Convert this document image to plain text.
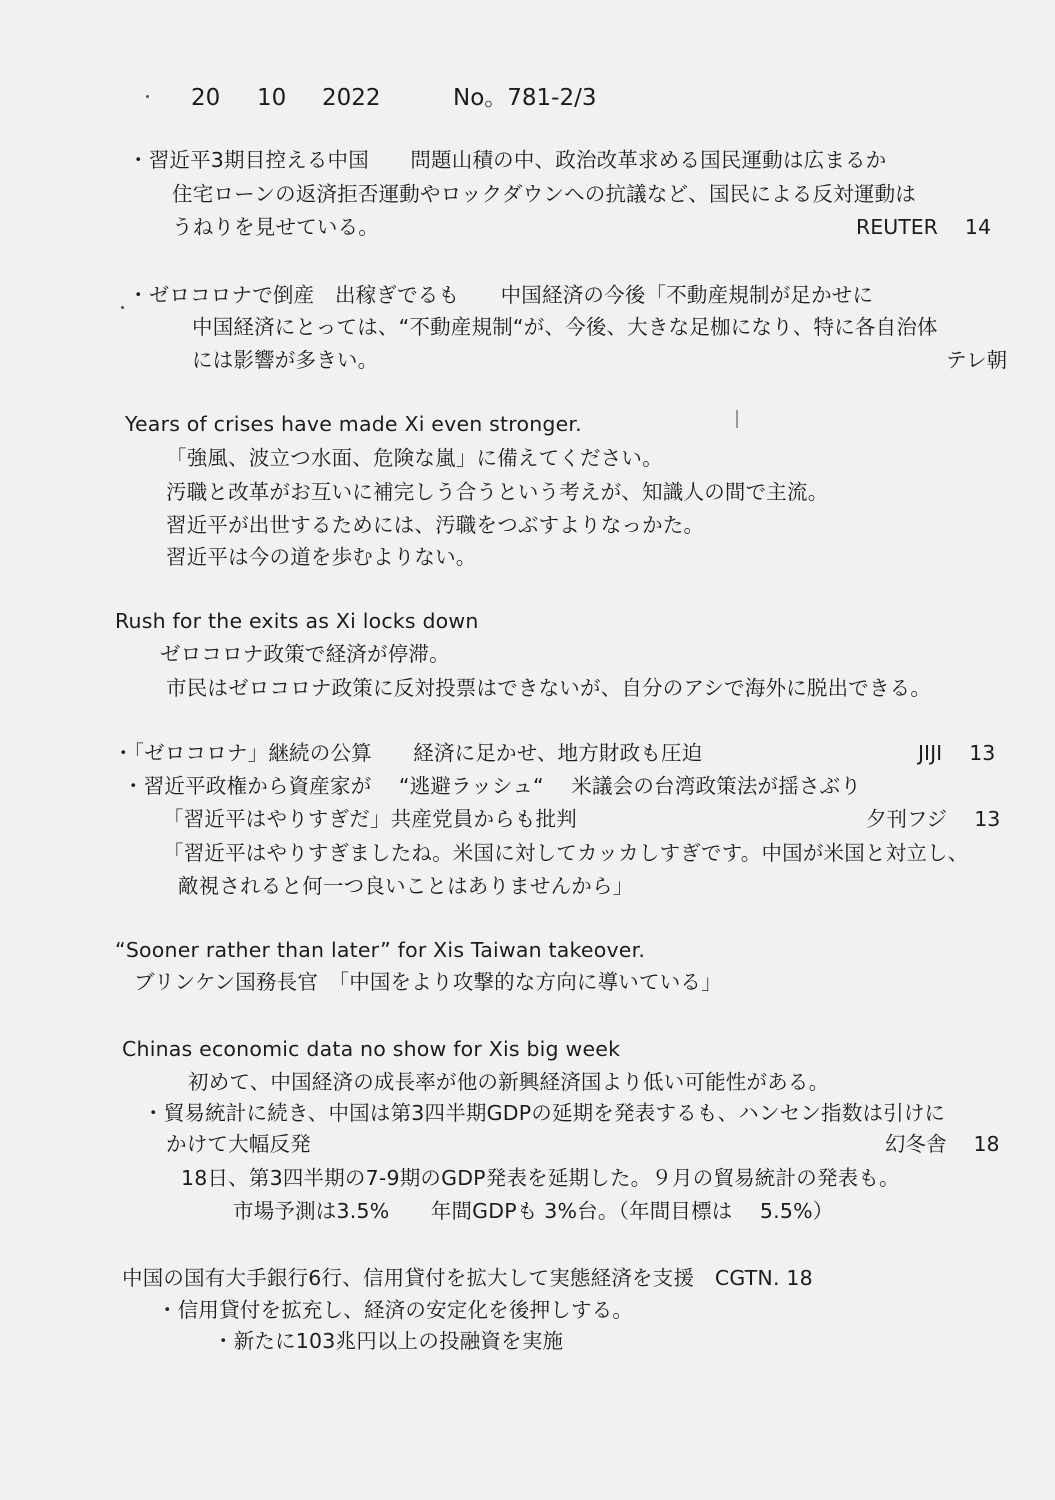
20 10 2022	No。781-2/3
・習近平3期目控える中国　　問題山積の中、政治改革求める国民運動は広まるか
住宅ローンの返済拒否運動やロックダウンへの抗議など、国民による反対運動は
うねりを見せている。	REUTER　 14
・ゼロコロナで倒産　出稼ぎでるも　　中国経済の今後「不動産規制が足かせに
中国経済にとっては、“不動産規制“が、今後、大きな足枷になり、特に各自治体
には影響が多きい。	テレ朝
Years of crises have made Xi even stronger.
「強風、波立つ水面、危険な嵐」に備えてください。
汚職と改革がお互いに補完しう合うという考えが、知識人の間で主流。
習近平が出世するためには、汚職をつぶすよりなっかた。
習近平は今の道を歩むよりない。
Rush for the exits as Xi locks down
ゼロコロナ政策で経済が停滞。
市民はゼロコロナ政策に反対投票はできないが、自分のアシで海外に脱出できる。
・「ゼロコロナ」継続の公算　　経済に足かせ、地方財政も圧迫	JIJI　 13
・習近平政権から資産家が　 “逃避ラッシュ“　 米議会の台湾政策法が揺さぶり
「習近平はやりすぎだ」共産党員からも批判	夕刊フジ　 13
「習近平はやりすぎましたね。米国に対してカッカしすぎです。中国が米国と対立し、
敵視されると何一つ良いことはありませんから」
“Sooner rather than later” for Xis Taiwan takeover.
ブリンケン国務長官　「中国をより攻撃的な方向に導いている」
Chinas economic data no show for Xis big week
初めて、中国経済の成長率が他の新興経済国より低い可能性がある。
・貿易統計に続き、中国は第3四半期GDPの延期を発表するも、ハンセン指数は引けに
かけて大幅反発	幻冬舎　 18
18日、第3四半期の7-9期のGDP発表を延期した。９月の貿易統計の発表も。
市場予測は3.5%　　年間GDPも 3%台。（年間目標は　 5.5%）
中国の国有大手銀行6行、信用貸付を拡大して実態経済を支援　CGTN. 18
・信用貸付を拡充し、経済の安定化を後押しする。
・新たに103兆円以上の投融資を実施
